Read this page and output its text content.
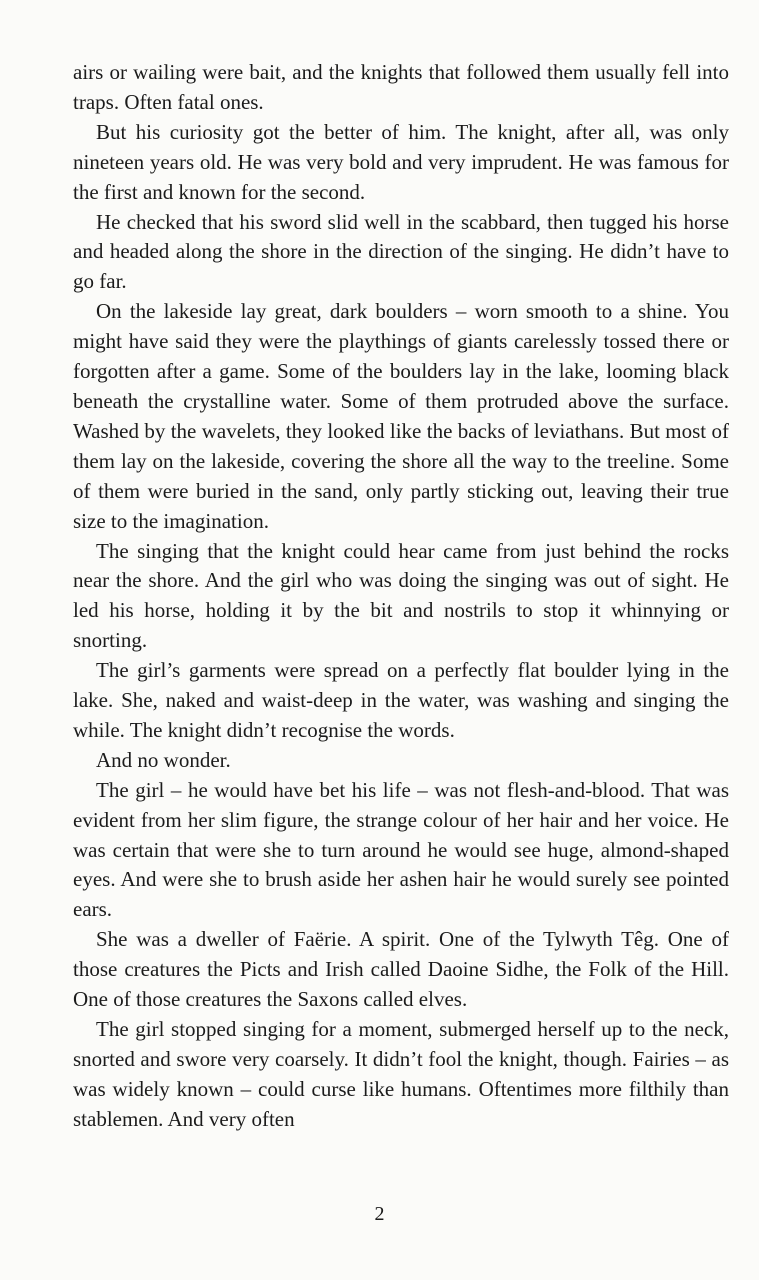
airs or wailing were bait, and the knights that followed them usually fell into traps. Often fatal ones.

But his curiosity got the better of him. The knight, after all, was only nineteen years old. He was very bold and very imprudent. He was famous for the first and known for the second.

He checked that his sword slid well in the scabbard, then tugged his horse and headed along the shore in the direction of the singing. He didn’t have to go far.

On the lakeside lay great, dark boulders – worn smooth to a shine. You might have said they were the playthings of giants carelessly tossed there or forgotten after a game. Some of the boulders lay in the lake, looming black beneath the crystalline water. Some of them protruded above the surface. Washed by the wavelets, they looked like the backs of leviathans. But most of them lay on the lakeside, covering the shore all the way to the treeline. Some of them were buried in the sand, only partly sticking out, leaving their true size to the imagination.

The singing that the knight could hear came from just behind the rocks near the shore. And the girl who was doing the singing was out of sight. He led his horse, holding it by the bit and nostrils to stop it whinnying or snorting.

The girl’s garments were spread on a perfectly flat boulder lying in the lake. She, naked and waist-deep in the water, was washing and singing the while. The knight didn’t recognise the words.

And no wonder.

The girl – he would have bet his life – was not flesh-and-blood. That was evident from her slim figure, the strange colour of her hair and her voice. He was certain that were she to turn around he would see huge, almond-shaped eyes. And were she to brush aside her ashen hair he would surely see pointed ears.

She was a dweller of Faërie. A spirit. One of the Tylwyth Têg. One of those creatures the Picts and Irish called Daoine Sidhe, the Folk of the Hill. One of those creatures the Saxons called elves.

The girl stopped singing for a moment, submerged herself up to the neck, snorted and swore very coarsely. It didn’t fool the knight, though. Fairies – as was widely known – could curse like humans. Oftentimes more filthily than stablemen. And very often

2
